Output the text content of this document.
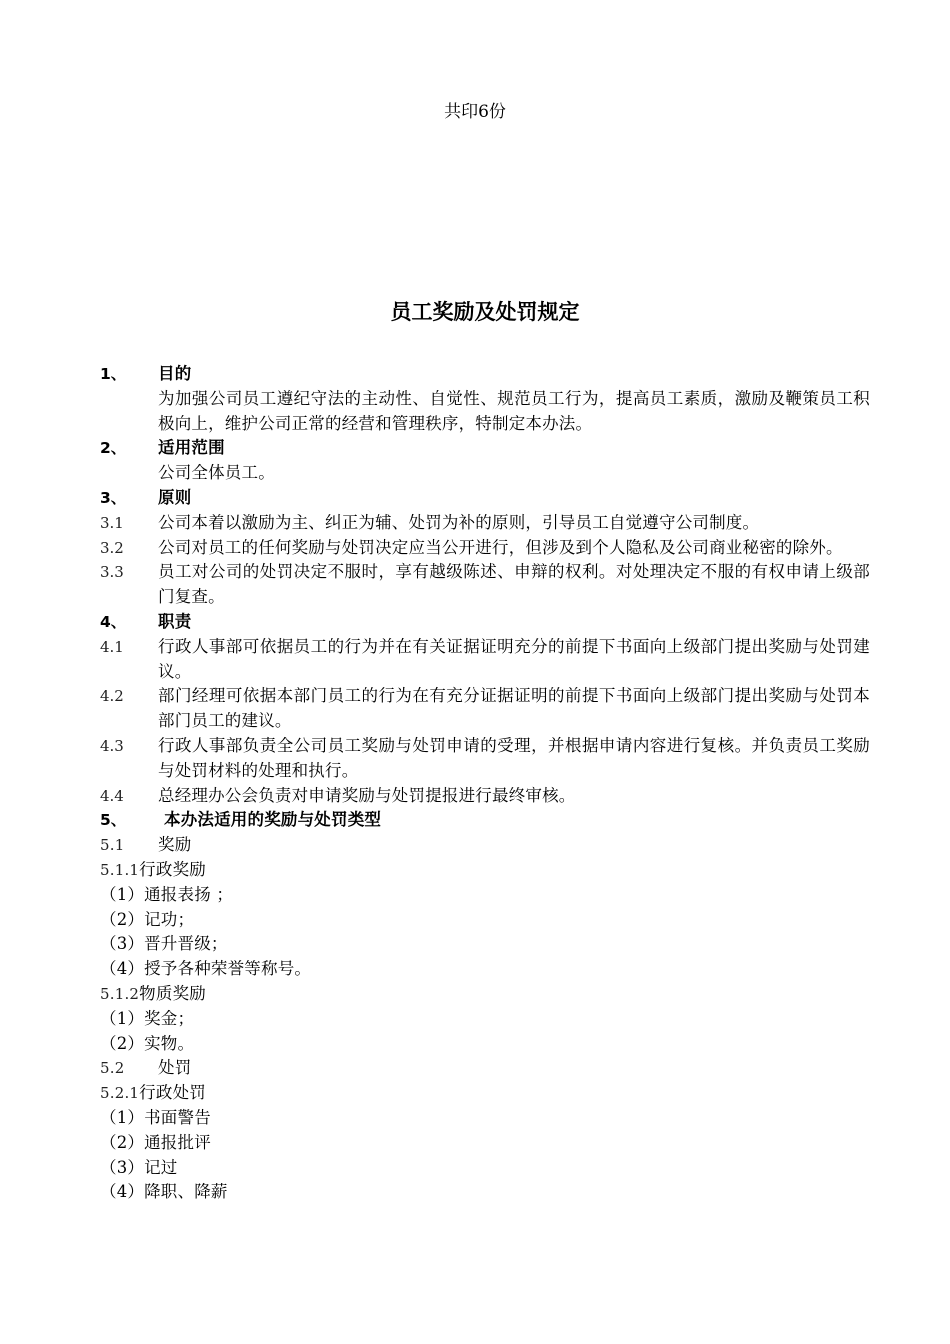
共印6份
员工奖励及处罚规定
1、	目的
为加强公司员工遵纪守法的主动性、自觉性、规范员工行为，提高员工素质，激励及鞭策员工积极向上，维护公司正常的经营和管理秩序，特制定本办法。
2、	适用范围
公司全体员工。
3、	原则
3.1	公司本着以激励为主、纠正为辅、处罚为补的原则，引导员工自觉遵守公司制度。
3.2	公司对员工的任何奖励与处罚决定应当公开进行，但涉及到个人隐私及公司商业秘密的除外。
3.3	员工对公司的处罚决定不服时，享有越级陈述、申辩的权利。对处理决定不服的有权申请上级部门复查。
4、	职责
4.1	行政人事部可依据员工的行为并在有关证据证明充分的前提下书面向上级部门提出奖励与处罚建议。
4.2	部门经理可依据本部门员工的行为在有充分证据证明的前提下书面向上级部门提出奖励与处罚本部门员工的建议。
4.3	行政人事部负责全公司员工奖励与处罚申请的受理，并根据申请内容进行复核。并负责员工奖励与处罚材料的处理和执行。
4.4	总经理办公会负责对申请奖励与处罚提报进行最终审核。
5、	本办法适用的奖励与处罚类型
5.1 奖励
5.1.1行政奖励
（1）通报表扬 ；
（2）记功；
（3）晋升晋级；
（4）授予各种荣誉等称号。
5.1.2物质奖励
（1）奖金；
（2）实物。
5.2 处罚
5.2.1行政处罚
（1）书面警告
（2）通报批评
（3）记过
（4）降职、降薪
